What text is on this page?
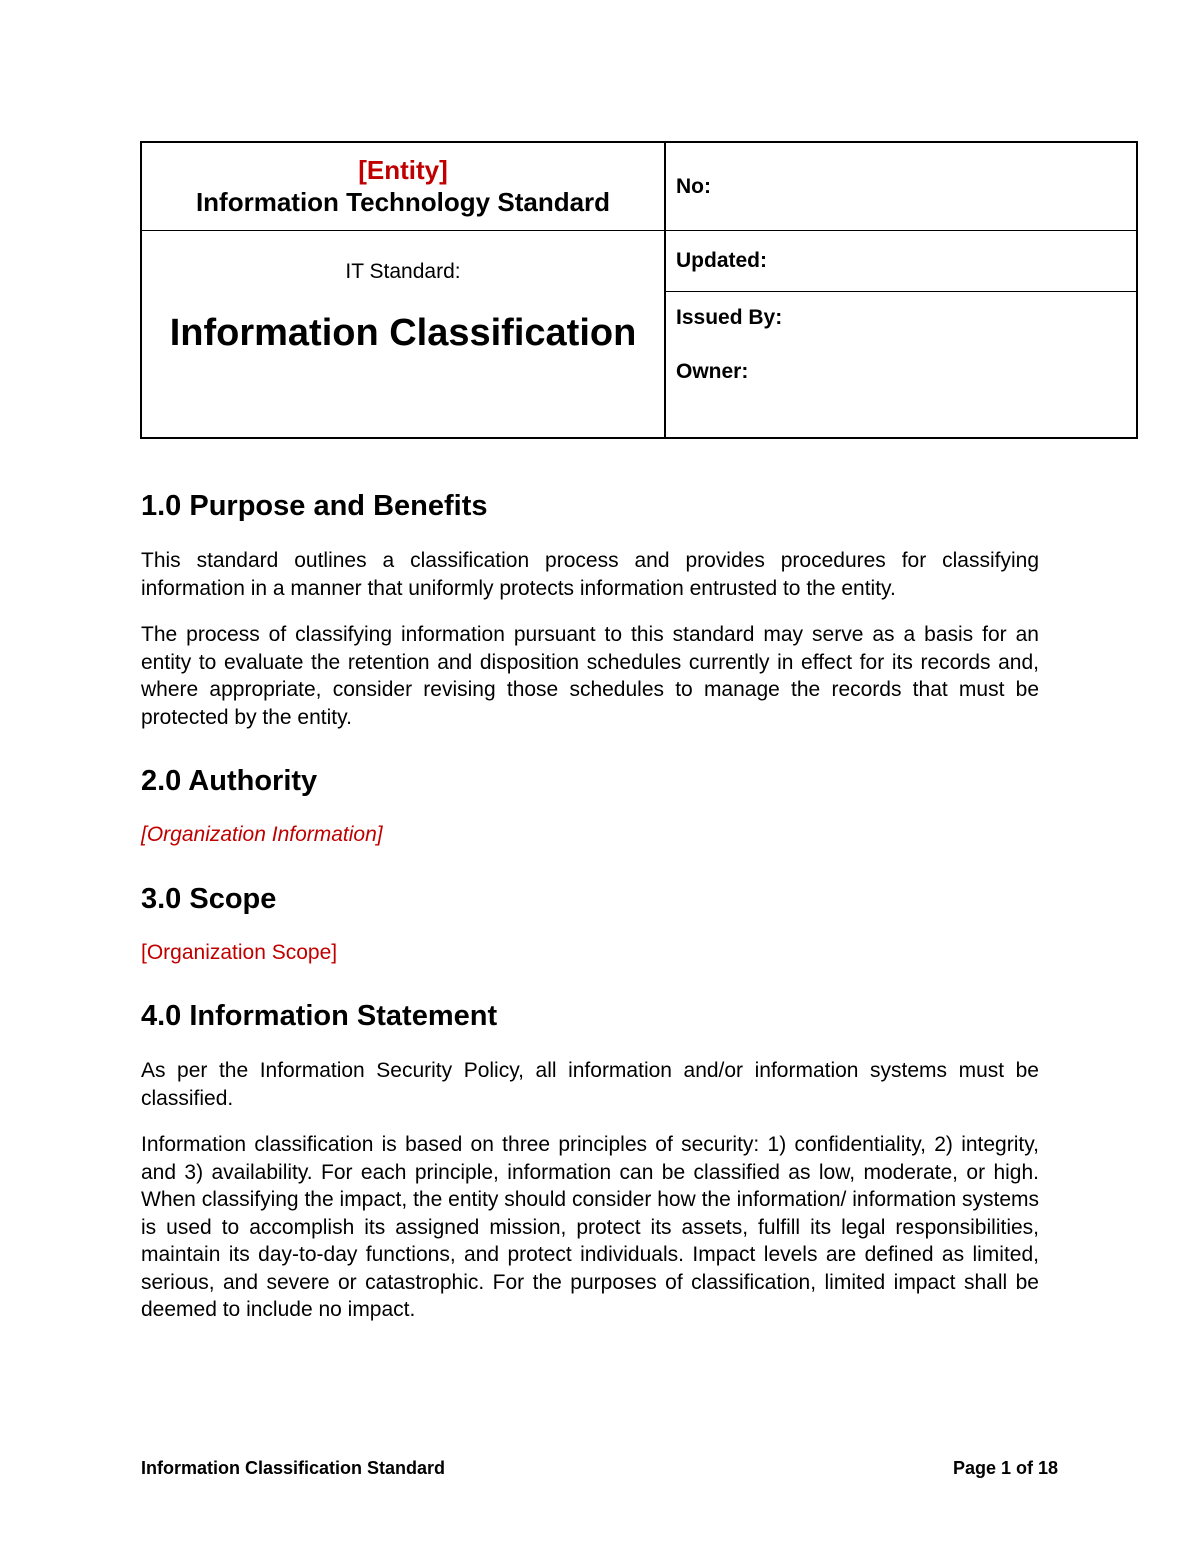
[Entity]
Information Technology Standard
IT Standard:
Information Classification
No:
Updated:
Issued By:
Owner:
1.0 Purpose and Benefits

This standard outlines a classification process and provides procedures for classifying information in a manner that uniformly protects information entrusted to the entity.

The process of classifying information pursuant to this standard may serve as a basis for an entity to evaluate the retention and disposition schedules currently in effect for its records and, where appropriate, consider revising those schedules to manage the records that must be protected by the entity.

2.0 Authority

[Organization Information]

3.0 Scope

[Organization Scope]

4.0 Information Statement

As per the Information Security Policy, all information and/or information systems must be classified.

Information classification is based on three principles of security: 1) confidentiality, 2) integrity, and 3) availability. For each principle, information can be classified as low, moderate, or high. When classifying the impact, the entity should consider how the information/ information systems is used to accomplish its assigned mission, protect its assets, fulfill its legal responsibilities, maintain its day-to-day functions, and protect individuals. Impact levels are defined as limited, serious, and severe or catastrophic. For the purposes of classification, limited impact shall be deemed to include no impact.

Information Classification Standard	Page 1 of 18
